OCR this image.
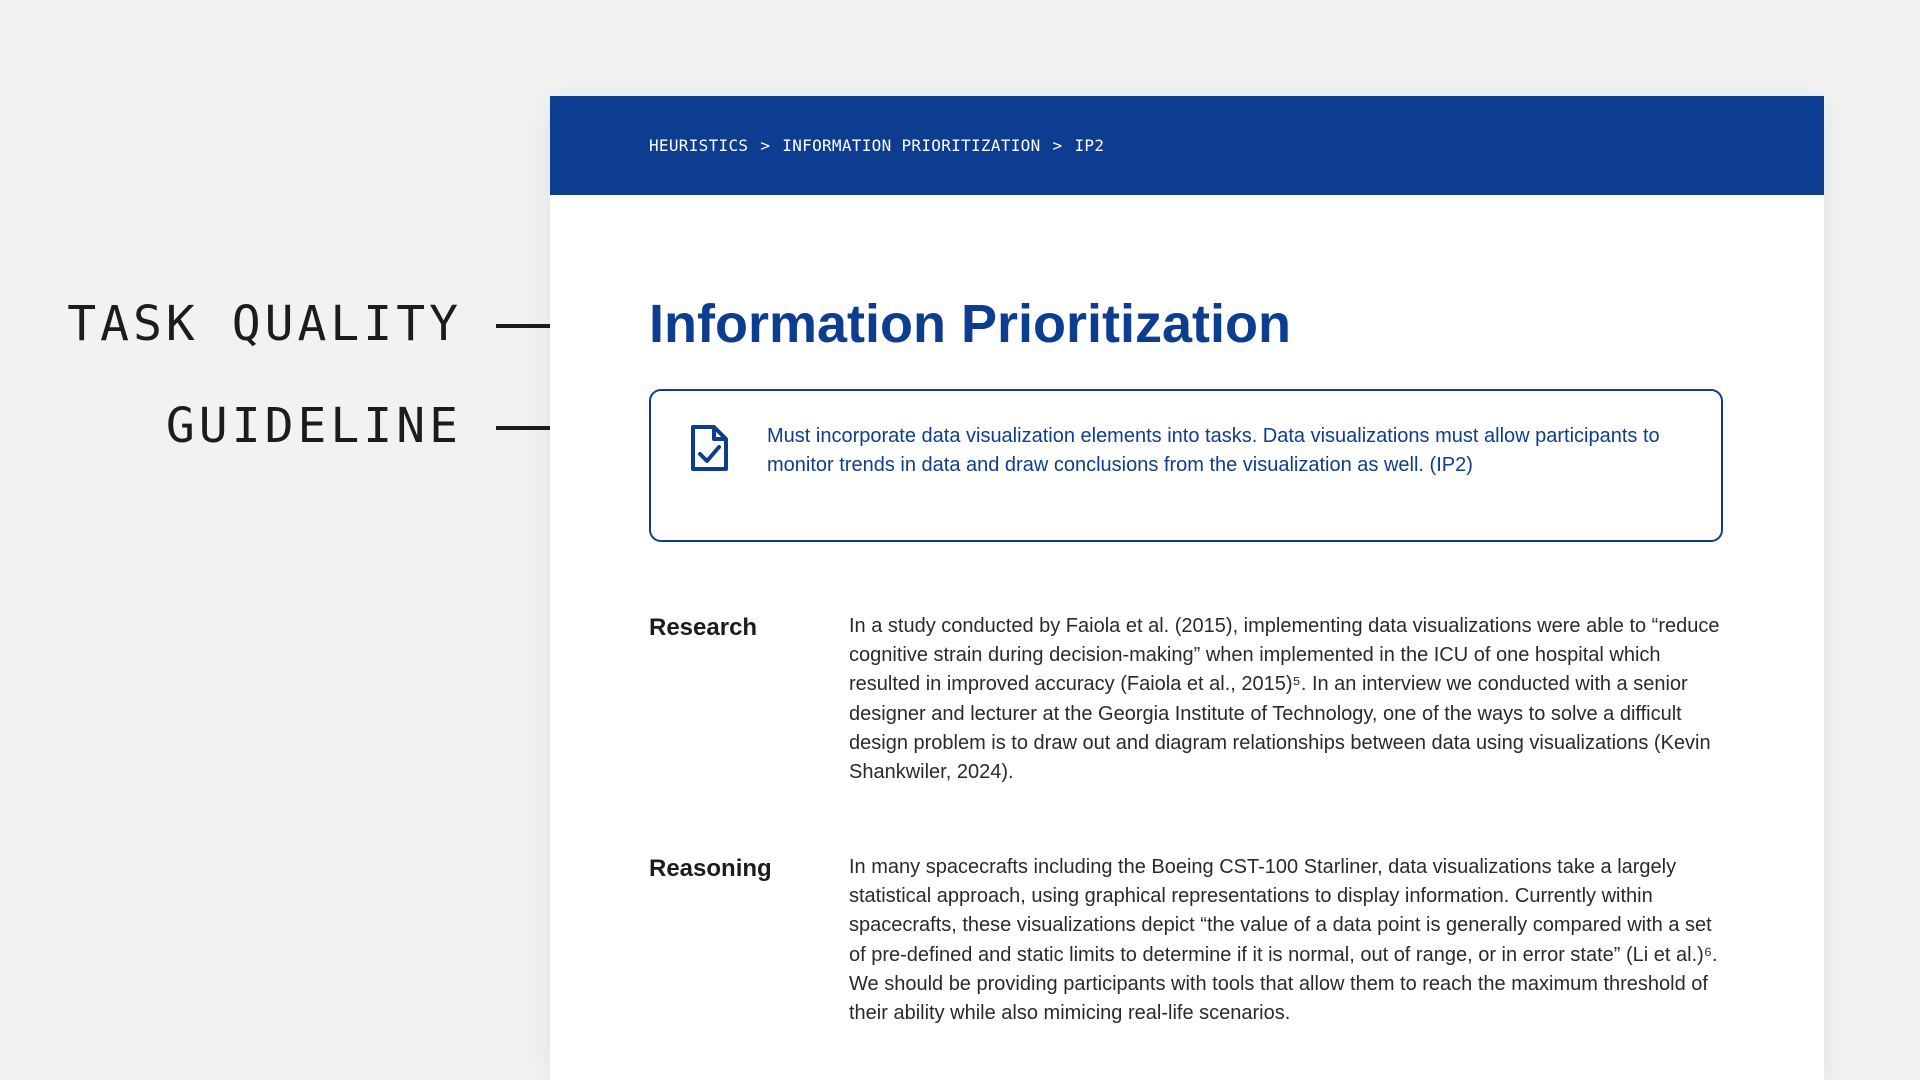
TASK QUALITY
GUIDELINE
HEURISTICS > INFORMATION PRIORITIZATION > IP2
Information Prioritization

Must incorporate data visualization elements into tasks. Data visualizations must allow participants to monitor trends in data and draw conclusions from the visualization as well. (IP2)

Research	In a study conducted by Faiola et al. (2015), implementing data visualizations were able to “reduce cognitive strain during decision-making” when implemented in the ICU of one hospital which resulted in improved accuracy (Faiola et al., 2015)⁵. In an interview we conducted with a senior designer and lecturer at the Georgia Institute of Technology, one of the ways to solve a difficult design problem is to draw out and diagram relationships between data using visualizations (Kevin Shankwiler, 2024).

Reasoning	In many spacecrafts including the Boeing CST-100 Starliner, data visualizations take a largely statistical approach, using graphical representations to display information. Currently within spacecrafts, these visualizations depict “the value of a data point is generally compared with a set of pre-defined and static limits to determine if it is normal, out of range, or in error state” (Li et al.)⁶. We should be providing participants with tools that allow them to reach the maximum threshold of their ability while also mimicing real-life scenarios.
